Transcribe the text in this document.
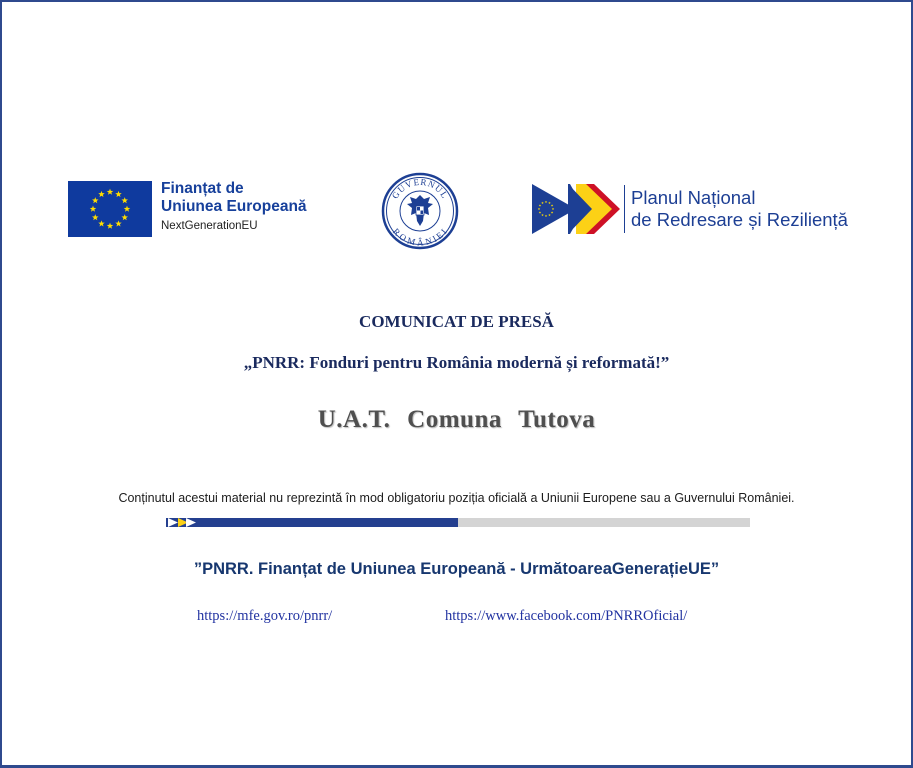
Finanțat de
Uniunea Europeană
NextGenerationEU
GUVERNUL
ROMÂNIEI
Planul Național
de Redresare și Reziliență
COMUNICAT DE PRESĂ
„PNRR: Fonduri pentru România modernă și reformată!”
U.A.T. Comuna Tutova
Conținutul acestui material nu reprezintă în mod obligatoriu poziția oficială a Uniunii Europene sau a Guvernului României.
”PNRR. Finanțat de Uniunea Europeană - UrmătoareaGenerațieUE”
https://mfe.gov.ro/pnrr/	https://www.facebook.com/PNRROficial/
